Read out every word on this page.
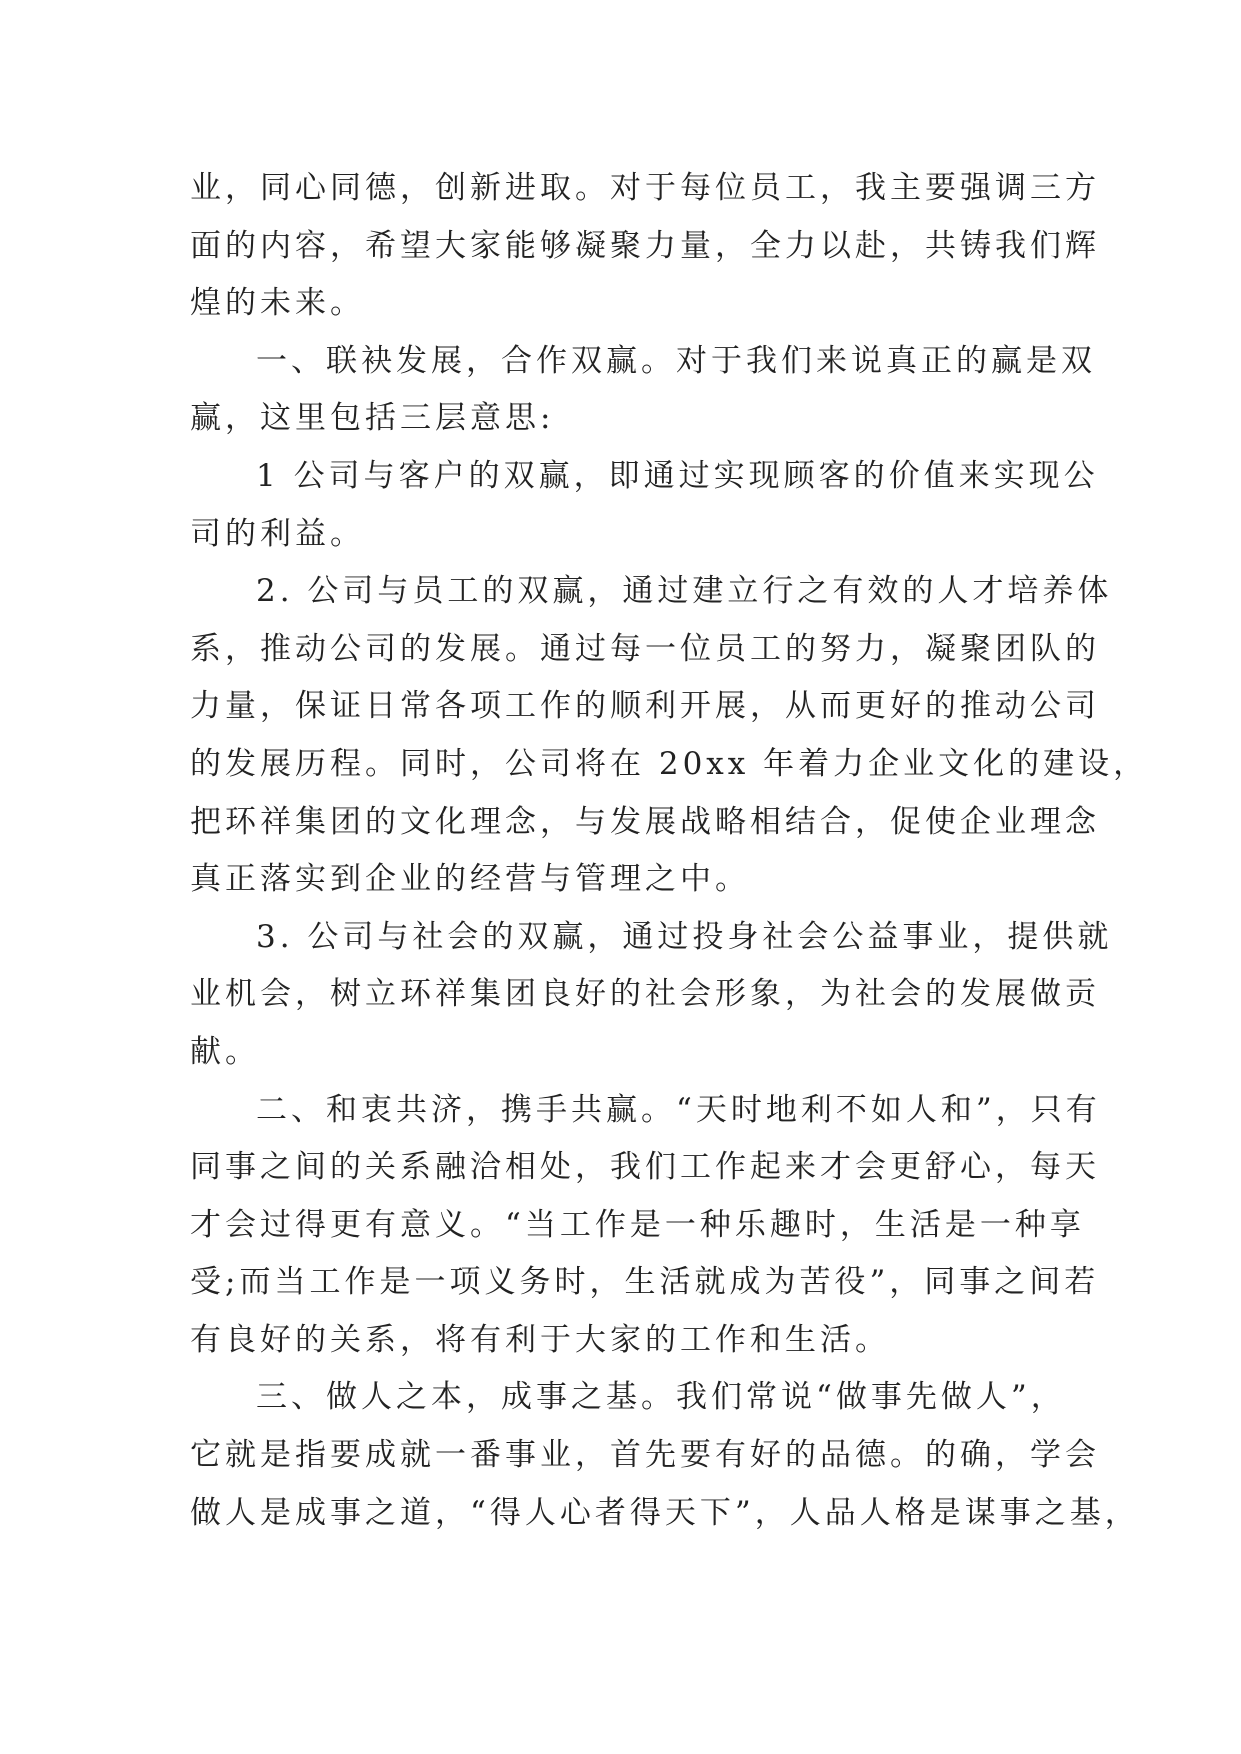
业，同心同德，创新进取。对于每位员工，我主要强调三方
面的内容，希望大家能够凝聚力量，全力以赴，共铸我们辉
煌的未来。
一、联袂发展，合作双赢。对于我们来说真正的赢是双
赢，这里包括三层意思:
1 公司与客户的双赢，即通过实现顾客的价值来实现公
司的利益。
2. 公司与员工的双赢，通过建立行之有效的人才培养体
系，推动公司的发展。通过每一位员工的努力，凝聚团队的
力量，保证日常各项工作的顺利开展，从而更好的推动公司
的发展历程。同时，公司将在 20xx 年着力企业文化的建设，
把环祥集团的文化理念，与发展战略相结合，促使企业理念
真正落实到企业的经营与管理之中。
3. 公司与社会的双赢，通过投身社会公益事业，提供就
业机会，树立环祥集团良好的社会形象，为社会的发展做贡
献。
二、和衷共济，携手共赢。“天时地利不如人和”，只有
同事之间的关系融洽相处，我们工作起来才会更舒心，每天
才会过得更有意义。“当工作是一种乐趣时，生活是一种享
受;而当工作是一项义务时，生活就成为苦役”，同事之间若
有良好的关系，将有利于大家的工作和生活。
三、做人之本，成事之基。我们常说“做事先做人”，
它就是指要成就一番事业，首先要有好的品德。的确，学会
做人是成事之道，“得人心者得天下”，人品人格是谋事之基，
